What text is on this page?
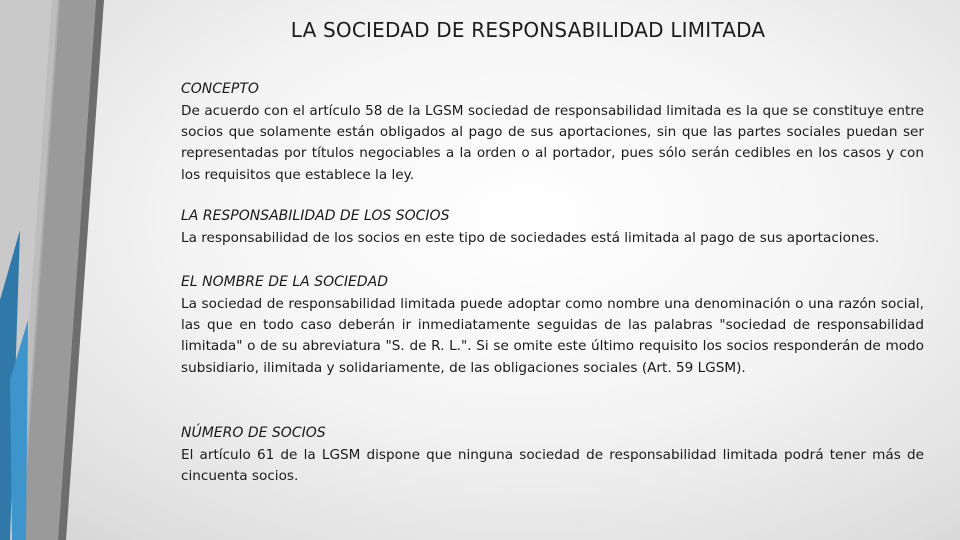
LA SOCIEDAD DE RESPONSABILIDAD LIMITADA

CONCEPTO

De acuerdo con el artículo 58 de la LGSM sociedad de responsabilidad limitada es la que se constituye entre socios que solamente están obligados al pago de sus aportaciones, sin que las partes sociales puedan ser representadas por títulos negociables a la orden o al portador, pues sólo serán cedibles en los casos y con los requisitos que establece la ley.

LA RESPONSABILIDAD DE LOS SOCIOS

La responsabilidad de los socios en este tipo de sociedades está limitada al pago de sus aportaciones.

EL NOMBRE DE LA SOCIEDAD

La sociedad de responsabilidad limitada puede adoptar como nombre una denominación o una razón social, las que en todo caso deberán ir inmediatamente seguidas de las palabras "sociedad de responsabilidad limitada" o de su abreviatura "S. de R. L.". Si se omite este último requisito los socios responderán de modo subsidiario, ilimitada y solidariamente, de las obligaciones sociales (Art. 59 LGSM).

NÚMERO DE SOCIOS

El artículo 61 de la LGSM dispone que ninguna sociedad de responsabilidad limitada podrá tener más de cincuenta socios.
